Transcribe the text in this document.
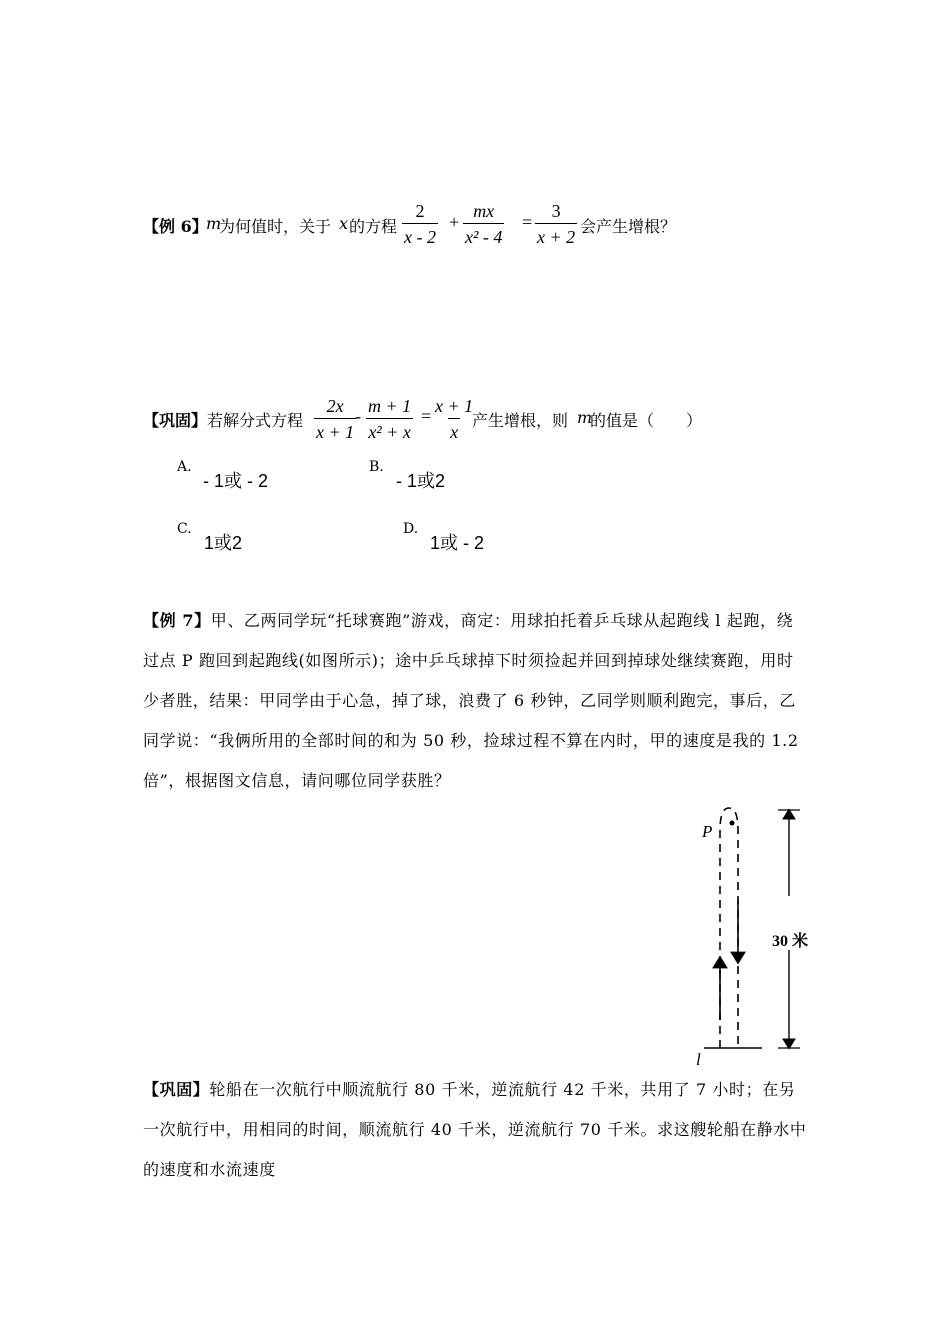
【例 6】
m
为何值时，关于 x 的方程 $\frac{2}{x - 2} + \frac{mx}{\text{x² - 4}} = \frac{3}{x + 2}$ 会产生增根？
【巩固】 若解分式方程 $\frac{2x}{x + 1}$
- $\frac{m + 1}{\text{x² + x}} = \frac{x + 1}{x}$
产生增根，则 m
的值是（　　）
A.
- 1或 - 2
B.
- 1或2
C.
1或2
D.
1或 - 2
【例 7】甲、乙两同学玩“托球赛跑”游戏，商定：用球拍托着乒乓球从起跑线 l 起跑，绕过点 P 跑回到起跑线(如图所示)；途中乒乓球掉下时须捡起并回到掉球处继续赛跑，用时少者胜，结果：甲同学由于心急，掉了球，浪费了 6 秒钟，乙同学则顺利跑完，事后，乙同学说：“我俩所用的全部时间的和为 50 秒，捡球过程不算在内时，甲的速度是我的 1.2 倍”，根据图文信息，请问哪位同学获胜？
P
l
30 米
【巩固】轮船在一次航行中顺流航行 80 千米，逆流航行 42 千米，共用了 7 小时；在另一次航行中，用相同的时间，顺流航行 40 千米，逆流航行 70 千米。求这艘轮船在静水中的速度和水流速度
